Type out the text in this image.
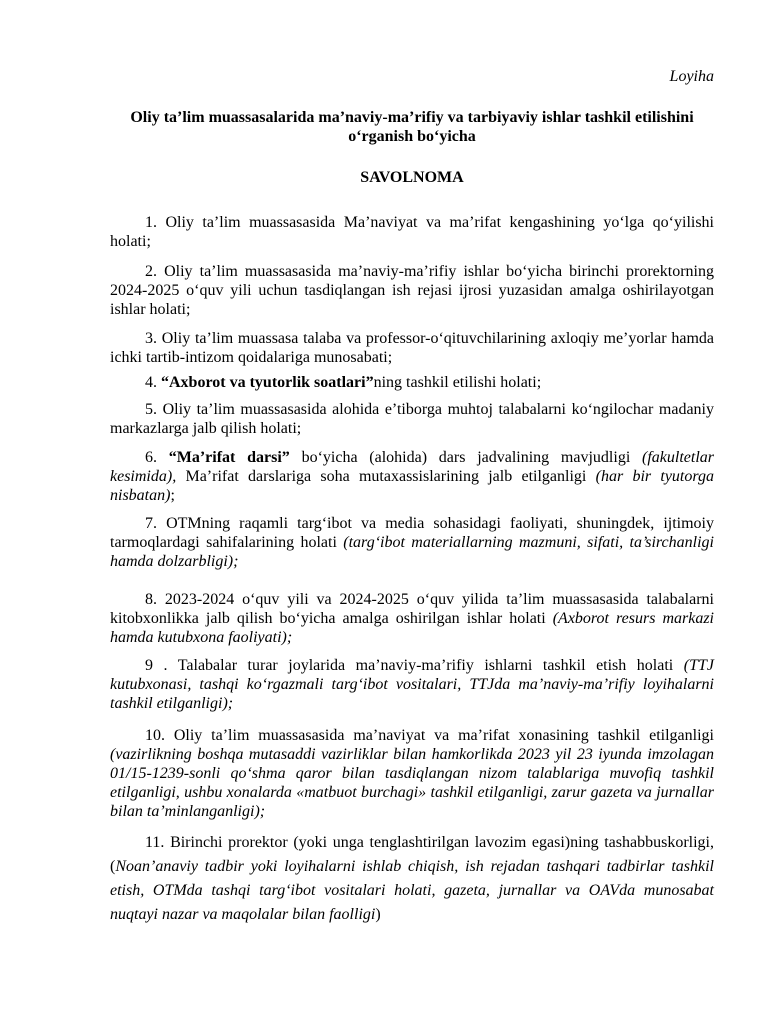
Loyiha

Oliy ta’lim muassasalarida ma’naviy-ma’rifiy va tarbiyaviy ishlar tashkil etilishini o‘rganish bo‘yicha

SAVOLNOMA

1. Oliy ta’lim muassasasida Ma’naviyat va ma’rifat kengashining yo‘lga qo‘yilishi holati;

2. Oliy ta’lim muassasasida ma’naviy-ma’rifiy ishlar bo‘yicha birinchi prorektorning 2024-2025 o‘quv yili uchun tasdiqlangan ish rejasi ijrosi yuzasidan amalga oshirilayotgan ishlar holati;

3. Oliy ta’lim muassasa talaba va professor-o‘qituvchilarining axloqiy me’yorlar hamda ichki tartib-intizom qoidalariga munosabati;

4. “Axborot va tyutorlik soatlari”ning tashkil etilishi holati;

5. Oliy ta’lim muassasasida alohida e’tiborga muhtoj talabalarni ko‘ngilochar madaniy markazlarga jalb qilish holati;

6. “Ma’rifat darsi” bo‘yicha (alohida) dars jadvalining mavjudligi (fakultetlar kesimida), Ma’rifat darslariga soha mutaxassislarining jalb etilganligi (har bir tyutorga nisbatan);

7. OTMning raqamli targ‘ibot va media sohasidagi faoliyati, shuningdek, ijtimoiy tarmoqlardagi sahifalarining holati (targ‘ibot materiallarning mazmuni, sifati, ta’sirchanligi hamda dolzarbligi);

8. 2023-2024 o‘quv yili va 2024-2025 o‘quv yilida ta’lim muassasasida talabalarni kitobxonlikka jalb qilish bo‘yicha amalga oshirilgan ishlar holati (Axborot resurs markazi hamda kutubxona faoliyati);

9 . Talabalar turar joylarida ma’naviy-ma’rifiy ishlarni tashkil etish holati (TTJ kutubxonasi, tashqi ko‘rgazmali targ‘ibot vositalari, TTJda ma’naviy-ma’rifiy loyihalarni tashkil etilganligi);

10. Oliy ta’lim muassasasida ma’naviyat va ma’rifat xonasining tashkil etilganligi (vazirlikning boshqa mutasaddi vazirliklar bilan hamkorlikda 2023 yil 23 iyunda imzolagan 01/15-1239-sonli qo‘shma qaror bilan tasdiqlangan nizom talablariga muvofiq tashkil etilganligi, ushbu xonalarda «matbuot burchagi» tashkil etilganligi, zarur gazeta va jurnallar bilan ta’minlanganligi);

11. Birinchi prorektor (yoki unga tenglashtirilgan lavozim egasi)ning tashabbuskorligi, (Noan’anaviy tadbir yoki loyihalarni ishlab chiqish, ish rejadan tashqari tadbirlar tashkil etish, OTMda tashqi targ‘ibot vositalari holati, gazeta, jurnallar va OAVda munosabat nuqtayi nazar va maqolalar bilan faolligi)
